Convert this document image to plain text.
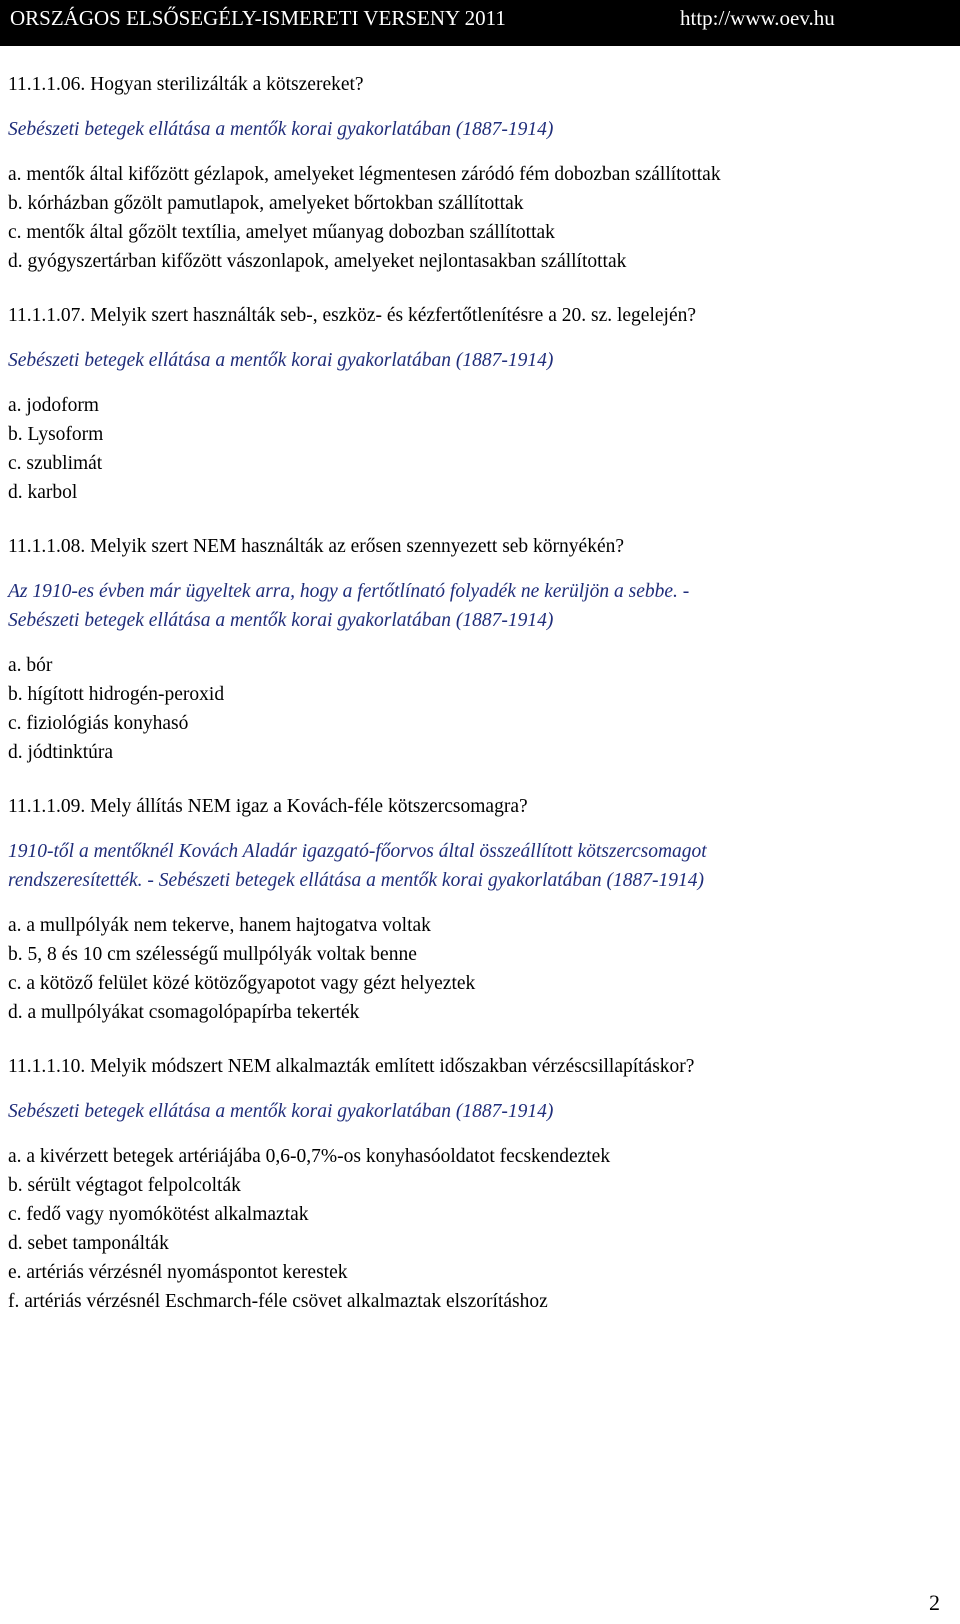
ORSZÁGOS ELSŐSEGÉLY-ISMERETI VERSENY 2011	http://www.oev.hu
11.1.1.06. Hogyan sterilizálták a kötszereket?
Sebészeti betegek ellátása a mentők korai gyakorlatában (1887-1914)
a. mentők által kifőzött gézlapok, amelyeket légmentesen záródó fém dobozban szállítottak
b. kórházban gőzölt pamutlapok, amelyeket bőrtokban szállítottak
c. mentők által gőzölt textília, amelyet műanyag dobozban szállítottak
d. gyógyszertárban kifőzött vászonlapok, amelyeket nejlontasakban szállítottak
11.1.1.07. Melyik szert használták seb-, eszköz- és kézfertőtlenítésre a 20. sz. legelején?
Sebészeti betegek ellátása a mentők korai gyakorlatában (1887-1914)
a. jodoform
b. Lysoform
c. szublimát
d. karbol
11.1.1.08. Melyik szert NEM használták az erősen szennyezett seb környékén?
Az 1910-es évben már ügyeltek arra, hogy a fertőtlínató folyadék ne kerüljön a sebbe. -
Sebészeti betegek ellátása a mentők korai gyakorlatában (1887-1914)
a. bór
b. hígított hidrogén-peroxid
c. fiziológiás konyhasó
d. jódtinktúra
11.1.1.09. Mely állítás NEM igaz a Kovách-féle kötszercsomagra?
1910-től a mentőknél Kovách Aladár igazgató-főorvos által összeállított kötszercsomagot
rendszeresítették. - Sebészeti betegek ellátása a mentők korai gyakorlatában (1887-1914)
a. a mullpólyák nem tekerve, hanem hajtogatva voltak
b. 5, 8 és 10 cm szélességű mullpólyák voltak benne
c. a kötöző felület közé kötözőgyapotot vagy gézt helyeztek
d. a mullpólyákat csomagolópapírba tekerték
11.1.1.10. Melyik módszert NEM alkalmazták említett időszakban vérzéscsillapításkor?
Sebészeti betegek ellátása a mentők korai gyakorlatában (1887-1914)
a. a kivérzett betegek artériájába 0,6-0,7%-os konyhasóoldatot fecskendeztek
b. sérült végtagot felpolcolták
c. fedő vagy nyomókötést alkalmaztak
d. sebet tamponálták
e. artériás vérzésnél nyomáspontot kerestek
f. artériás vérzésnél Eschmarch-féle csövet alkalmaztak elszorításhoz
2
